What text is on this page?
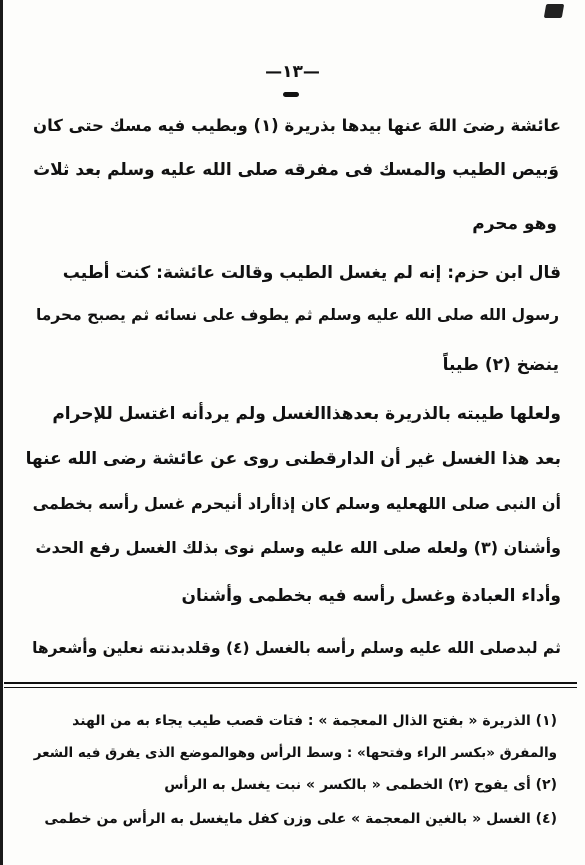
—١٣—
عائشة رضىَ اللهَ عنها بيدها بذريرة (١) وبطيب فيه مسك حتى كان
وَبيص الطيب والمسك فى مفرقه صلى الله عليه وسلم بعد ثلاث
وهو محرم
قال ابن حزم: إنه لم يغسل الطيب وقالت عائشة: كنت أطيب
رسول الله صلى الله عليه وسلم ثم يطوف على نسائه ثم يصبح محرما
ينضخ (٢) طيباً
ولعلها طيبته بالذريرة بعدهذاالغسل ولم يردأنه اغتسل للإحرام
بعد هذا الغسل غير أن الدارقطنى روى عن عائشة رضى الله عنها
أن النبى صلى اللهعليه وسلم كان إذاأراد أنيحرم غسل رأسه بخطمى
وأشنان (٣) ولعله صلى الله عليه وسلم نوى بذلك الغسل رفع الحدث
وأداء العبادة وغسل رأسه فيه بخطمى وأشنان
ثم لبدصلى الله عليه وسلم رأسه بالغسل (٤) وقلدبدنته نعلين وأشعرها
(١) الذريرة « بفتح الذال المعجمة » : فتات قصب طيب يجاء به من الهند
والمفرق «بكسر الراء وفتحها» : وسط الرأس وهوالموضع الذى يفرق فيه الشعر
(٢) أى يفوح (٣) الخطمى « بالكسر » نبت يغسل به الرأس
(٤) الغسل « بالغين المعجمة » على وزن كفل مايغسل به الرأس من خطمى
